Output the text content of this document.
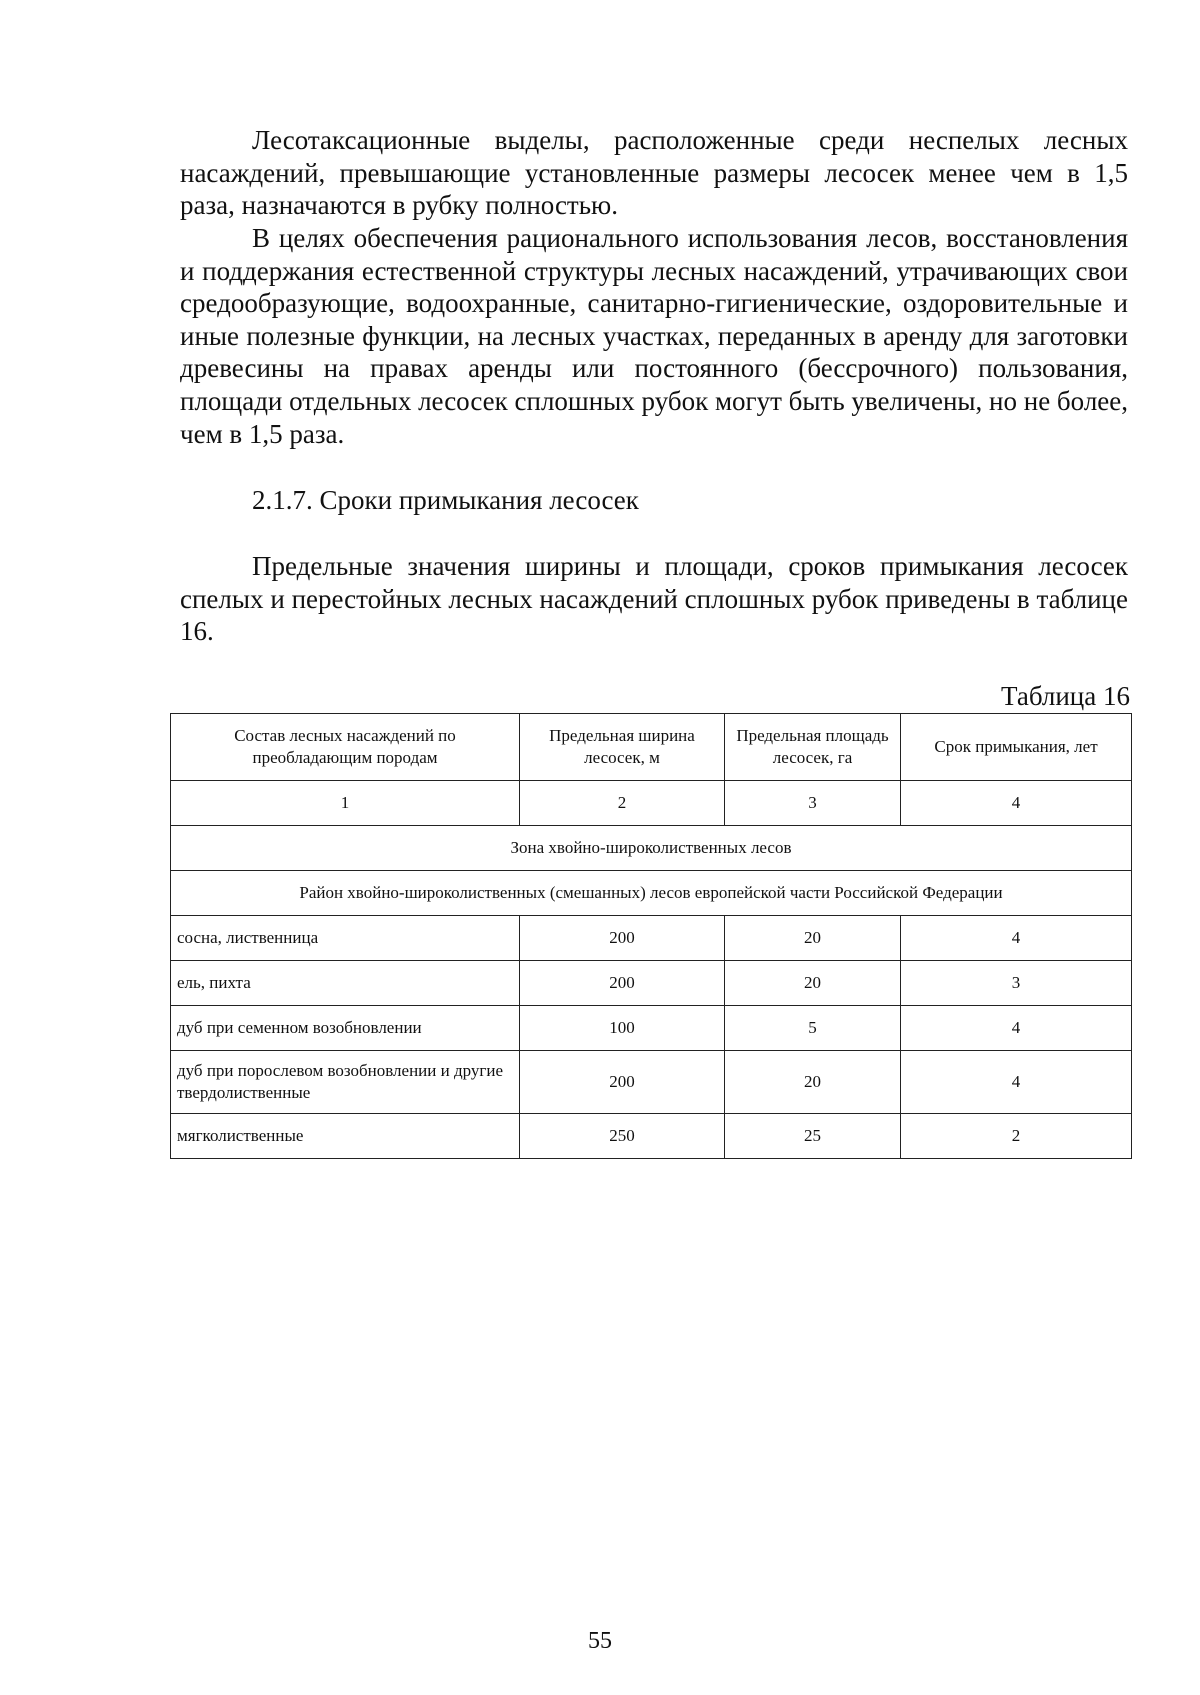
Лесотаксационные выделы, расположенные среди неспелых лесных насаждений, превышающие установленные размеры лесосек менее чем в 1,5 раза, назначаются в рубку полностью.

В целях обеспечения рационального использования лесов, восстановления и поддержания естественной структуры лесных насаждений, утрачивающих свои средообразующие, водоохранные, санитарно-гигиенические, оздоровительные и иные полезные функции, на лесных участках, переданных в аренду для заготовки древесины на правах аренды или постоянного (бессрочного) пользования, площади отдельных лесосек сплошных рубок могут быть увеличены, но не более, чем в 1,5 раза.

2.1.7. Сроки примыкания лесосек

Предельные значения ширины и площади, сроков примыкания лесосек спелых и перестойных лесных насаждений сплошных рубок приведены в таблице 16.

Таблица 16
Состав лесных насаждений по преобладающим породам	Предельная ширина лесосек, м	Предельная площадь лесосек, га	Срок примыкания, лет
1	2	3	4
Зона хвойно-широколиственных лесов			
Район хвойно-широколиственных (смешанных) лесов европейской части Российской Федерации			
сосна, лиственница	200	20	4
ель, пихта	200	20	3
дуб при семенном возобновлении	100	5	4
дуб при порослевом возобновлении и другие твердолиственные	200	20	4
мягколиственные	250	25	2
55
